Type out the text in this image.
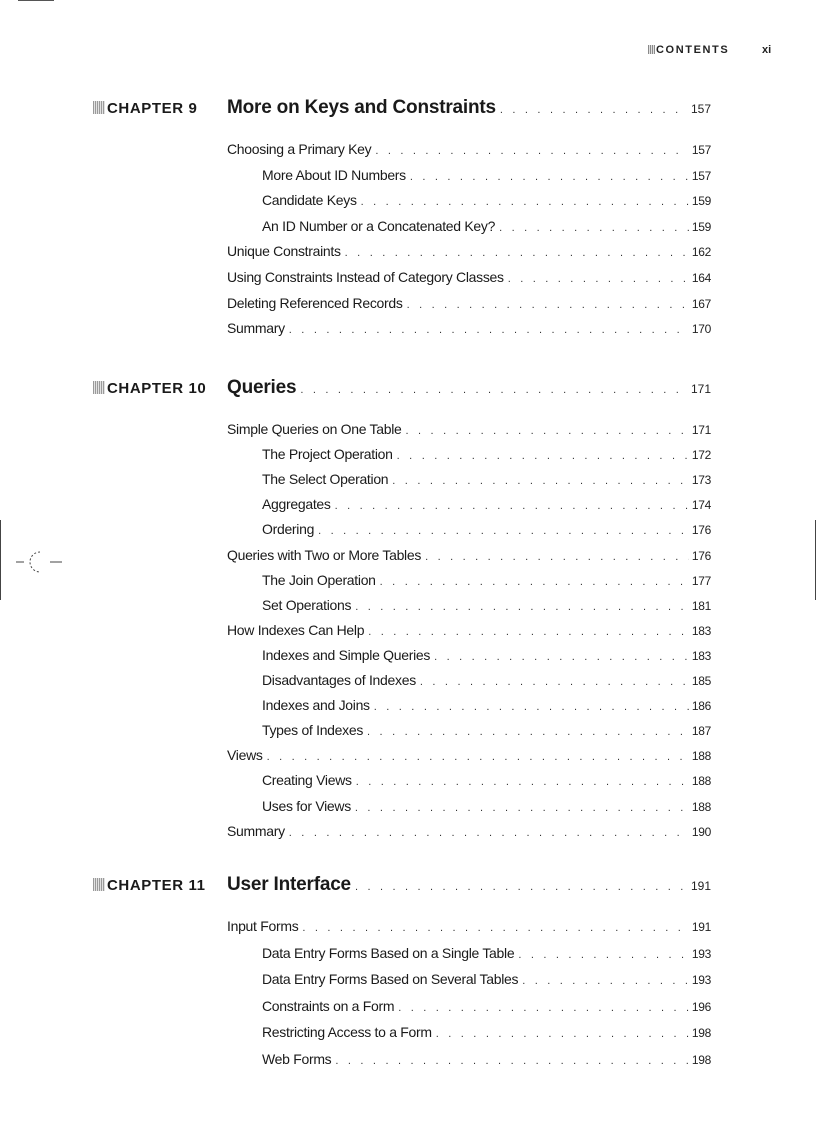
CONTENTS	xi
CHAPTER 9 More on Keys and Constraints . . .	157
Choosing a Primary Key . . .	157
More About ID Numbers . . .	157
Candidate Keys . . .	159
An ID Number or a Concatenated Key? . . .	159
Unique Constraints . . .	162
Using Constraints Instead of Category Classes . . .	164
Deleting Referenced Records . . .	167
Summary . . .	170
CHAPTER 10 Queries . . .	171
Simple Queries on One Table . . .	171
The Project Operation . . .	172
The Select Operation . . .	173
Aggregates . . .	174
Ordering . . .	176
Queries with Two or More Tables . . .	176
The Join Operation . . .	177
Set Operations . . .	181
How Indexes Can Help . . .	183
Indexes and Simple Queries . . .	183
Disadvantages of Indexes . . .	185
Indexes and Joins . . .	186
Types of Indexes . . .	187
Views . . .	188
Creating Views . . .	188
Uses for Views . . .	188
Summary . . .	190
CHAPTER 11 User Interface . . .	191
Input Forms . . .	191
Data Entry Forms Based on a Single Table . . .	193
Data Entry Forms Based on Several Tables . . .	193
Constraints on a Form . . .	196
Restricting Access to a Form . . .	198
Web Forms . . .	198
